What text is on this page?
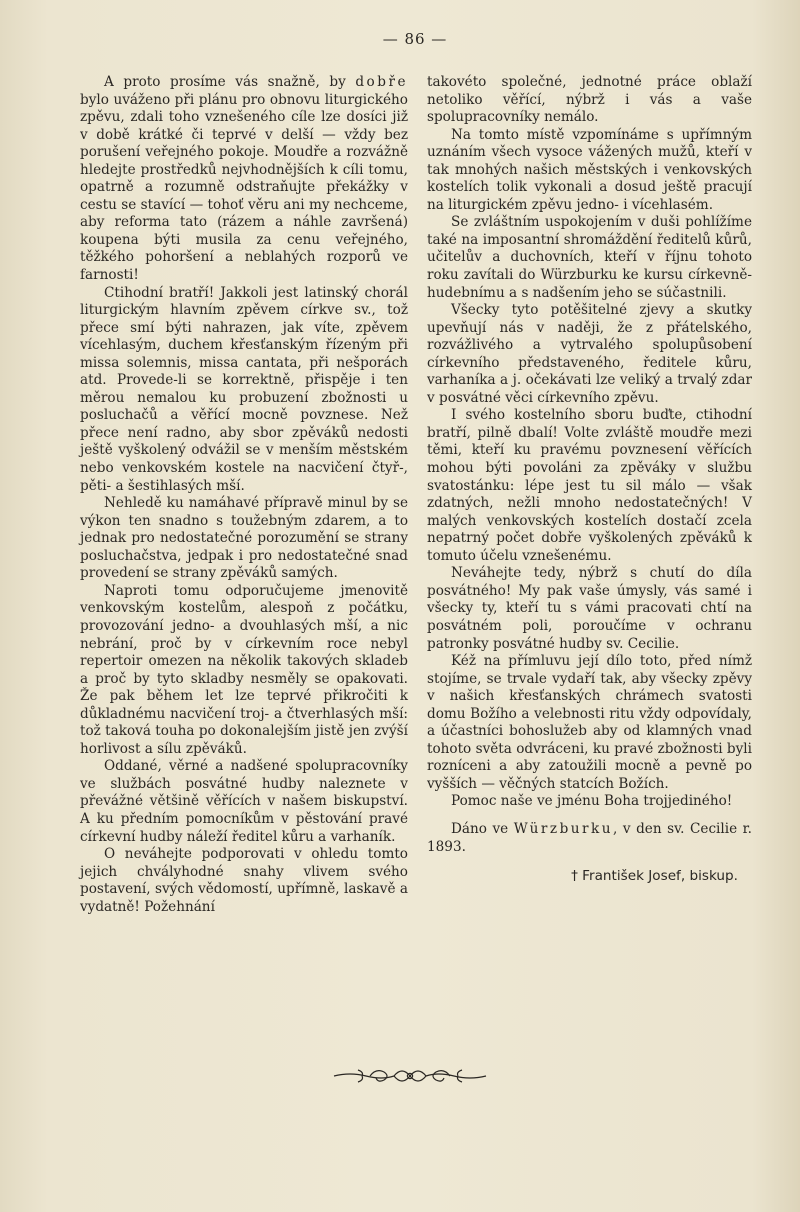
— 86 —

A proto prosíme vás snažně, by dobře bylo uváženo při plánu pro obnovu liturgického zpěvu, zdali toho vznešeného cíle lze dosíci již v době krátké či teprvé v delší — vždy bez porušení veřejného pokoje. Moudře a rozvážně hledejte prostředků nejvhodnějších k cíli tomu, opatrně a rozumně odstraňujte překážky v cestu se stavící — tohoť věru ani my nechceme, aby reforma tato (rázem a náhle završená) koupena býti musila za cenu veřejného, těžkého pohoršení a neblahých rozporů ve farnosti!

Ctihodní bratří! Jakkoli jest latinský chorál liturgickým hlavním zpěvem církve sv., tož přece smí býti nahrazen, jak víte, zpěvem vícehlasým, duchem křesťanským řízeným při missa solemnis, missa cantata, při nešporách atd. Provede-li se korrektně, přispěje i ten měrou nemalou ku probuzení zbožnosti u posluchačů a věřící mocně povznese. Než přece není radno, aby sbor zpěváků nedosti ještě vyškolený odvážil se v menším městském nebo venkovském kostele na nacvičení čtyř-, pěti- a šestihlasých mší.

Nehledě ku namáhavé přípravě minul by se výkon ten snadno s toužebným zdarem, a to jednak pro nedostatečné porozumění se strany posluchačstva, jedpak i pro nedostatečné snad provedení se strany zpěváků samých.

Naproti tomu odporučujeme jmenovitě venkovským kostelům, alespoň z počátku, provozování jedno- a dvouhlasých mší, a nic nebrání, proč by v církevním roce nebyl repertoir omezen na několik takových skladeb a proč by tyto skladby nesměly se opakovati. Že pak během let lze teprvé přikročiti k důkladnému nacvičení troj- a čtverhlasých mší: tož taková touha po dokonalejším jistě jen zvýší horlivost a sílu zpěváků.

Oddané, věrné a nadšené spolupracovníky ve službách posvátné hudby naleznete v převážné většině věřících v našem biskupství. A ku předním pomocníkům v pěstování pravé církevní hudby náleží ředitel kůru a varhaník.

O neváhejte podporovati v ohledu tomto jejich chvályhodné snahy vlivem svého postavení, svých vědomostí, upřímně, laskavě a vydatně! Požehnání

takovéto společné, jednotné práce oblaží netoliko věřící, nýbrž i vás a vaše spolupracovníky nemálo.

Na tomto místě vzpomínáme s upřímným uznáním všech vysoce vážených mužů, kteří v tak mnohých našich městských i venkovských kostelích tolik vykonali a dosud ještě pracují na liturgickém zpěvu jedno- i vícehlasém.

Se zvláštním uspokojením v duši pohlížíme také na imposantní shromáždění ředitelů kůrů, učitelův a duchovních, kteří v říjnu tohoto roku zavítali do Würzburku ke kursu církevně-hudebnímu a s nadšením jeho se súčastnili.

Všecky tyto potěšitelné zjevy a skutky upevňují nás v naději, že z přátelského, rozvážlivého a vytrvalého spolupůsobení církevního představeného, ředitele kůru, varhaníka a j. očekávati lze veliký a trvalý zdar v posvátné věci církevního zpěvu.

I svého kostelního sboru buďte, ctihodní bratří, pilně dbalí! Volte zvláště moudře mezi těmi, kteří ku pravému povznesení věřících mohou býti povoláni za zpěváky v službu svatostánku: lépe jest tu sil málo — však zdatných, nežli mnoho nedostatečných! V malých venkovských kostelích dostačí zcela nepatrný počet dobře vyškolených zpěváků k tomuto účelu vznešenému.

Neváhejte tedy, nýbrž s chutí do díla posvátného! My pak vaše úmysly, vás samé i všecky ty, kteří tu s vámi pracovati chtí na posvátném poli, poroučíme v ochranu patronky posvátné hudby sv. Cecilie.

Kéž na přímluvu její dílo toto, před nímž stojíme, se trvale vydaří tak, aby všecky zpěvy v našich křesťanských chrámech svatosti domu Božího a velebnosti ritu vždy odpovídaly, a účastníci bohoslužeb aby od klamných vnad tohoto světa odvráceni, ku pravé zbožnosti byli rozníceni a aby zatoužili mocně a pevně po vyšších — věčných statcích Božích.

Pomoc naše ve jménu Boha trojjediného!

Dáno ve Würzburku, v den sv. Cecilie r. 1893.

† František Josef, biskup.
